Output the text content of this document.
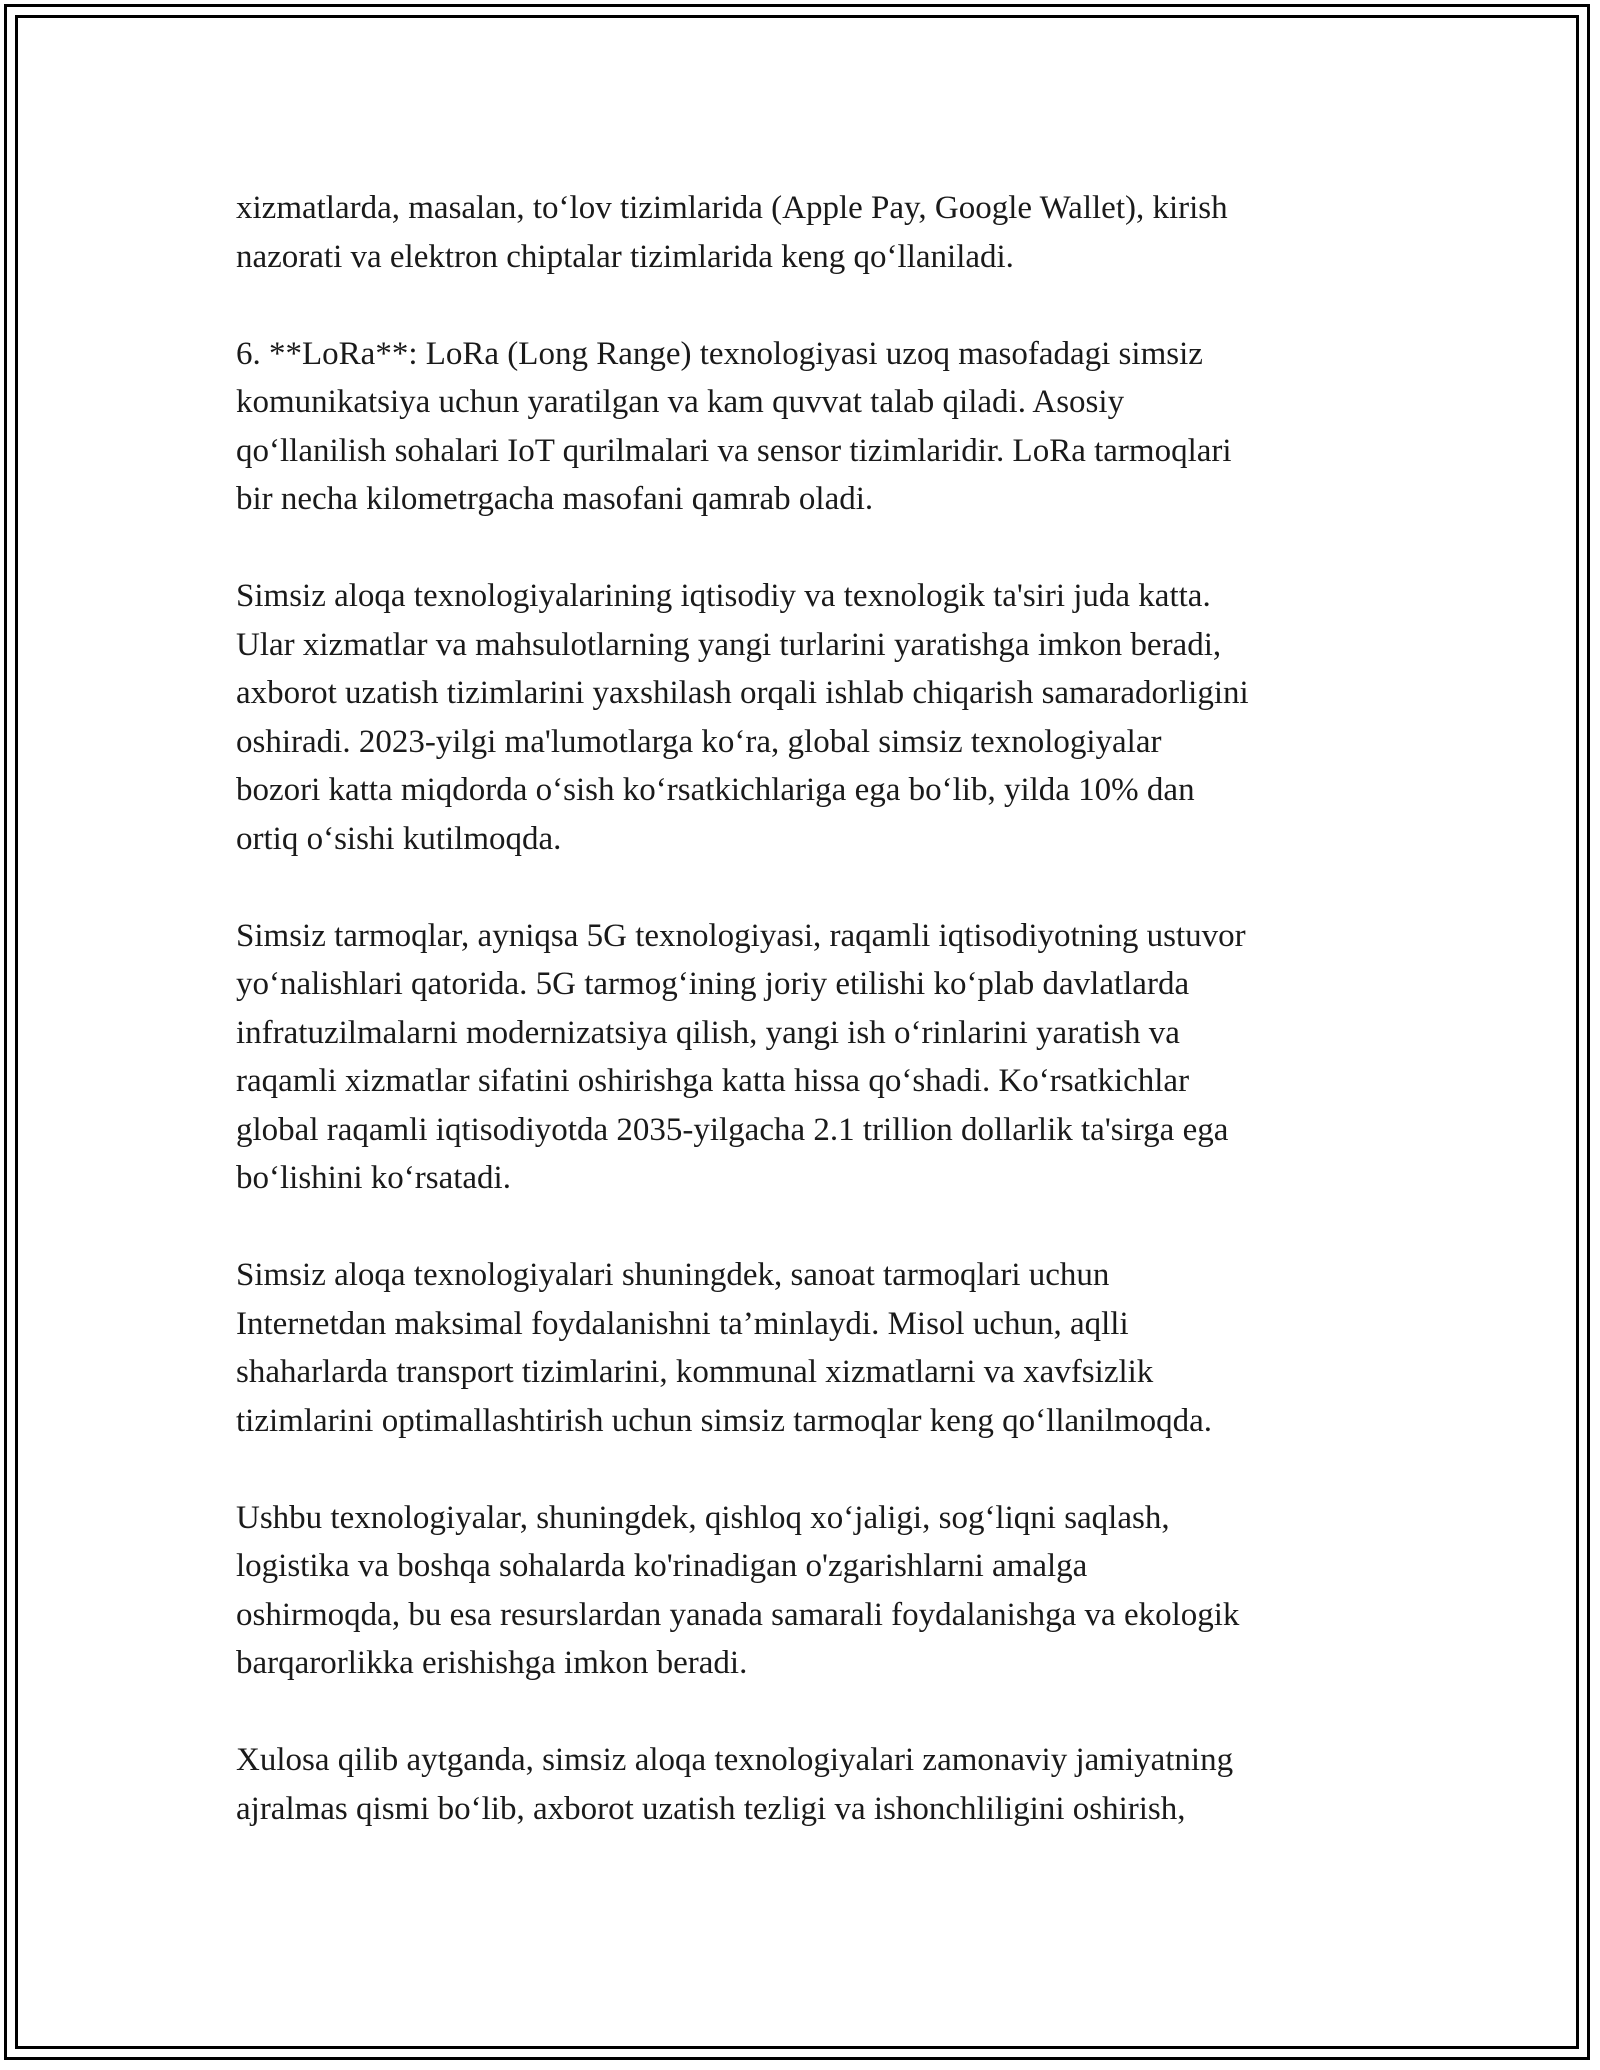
xizmatlarda, masalan, to‘lov tizimlarida (Apple Pay, Google Wallet), kirish
nazorati va elektron chiptalar tizimlarida keng qo‘llaniladi.

6. **LoRa**: LoRa (Long Range) texnologiyasi uzoq masofadagi simsiz
komunikatsiya uchun yaratilgan va kam quvvat talab qiladi. Asosiy
qo‘llanilish sohalari IoT qurilmalari va sensor tizimlaridir. LoRa tarmoqlari
bir necha kilometrgacha masofani qamrab oladi.

Simsiz aloqa texnologiyalarining iqtisodiy va texnologik ta'siri juda katta.
Ular xizmatlar va mahsulotlarning yangi turlarini yaratishga imkon beradi,
axborot uzatish tizimlarini yaxshilash orqali ishlab chiqarish samaradorligini
oshiradi. 2023-yilgi ma'lumotlarga ko‘ra, global simsiz texnologiyalar
bozori katta miqdorda o‘sish ko‘rsatkichlariga ega bo‘lib, yilda 10% dan
ortiq o‘sishi kutilmoqda.

Simsiz tarmoqlar, ayniqsa 5G texnologiyasi, raqamli iqtisodiyotning ustuvor
yo‘nalishlari qatorida. 5G tarmog‘ining joriy etilishi ko‘plab davlatlarda
infratuzilmalarni modernizatsiya qilish, yangi ish o‘rinlarini yaratish va
raqamli xizmatlar sifatini oshirishga katta hissa qo‘shadi. Ko‘rsatkichlar
global raqamli iqtisodiyotda 2035-yilgacha 2.1 trillion dollarlik ta'sirga ega
bo‘lishini ko‘rsatadi.

Simsiz aloqa texnologiyalari shuningdek, sanoat tarmoqlari uchun
Internetdan maksimal foydalanishni ta’minlaydi. Misol uchun, aqlli
shaharlarda transport tizimlarini, kommunal xizmatlarni va xavfsizlik
tizimlarini optimallashtirish uchun simsiz tarmoqlar keng qo‘llanilmoqda.

Ushbu texnologiyalar, shuningdek, qishloq xo‘jaligi, sog‘liqni saqlash,
logistika va boshqa sohalarda ko'rinadigan o'zgarishlarni amalga
oshirmoqda, bu esa resurslardan yanada samarali foydalanishga va ekologik
barqarorlikka erishishga imkon beradi.

Xulosa qilib aytganda, simsiz aloqa texnologiyalari zamonaviy jamiyatning
ajralmas qismi bo‘lib, axborot uzatish tezligi va ishonchliligini oshirish,
